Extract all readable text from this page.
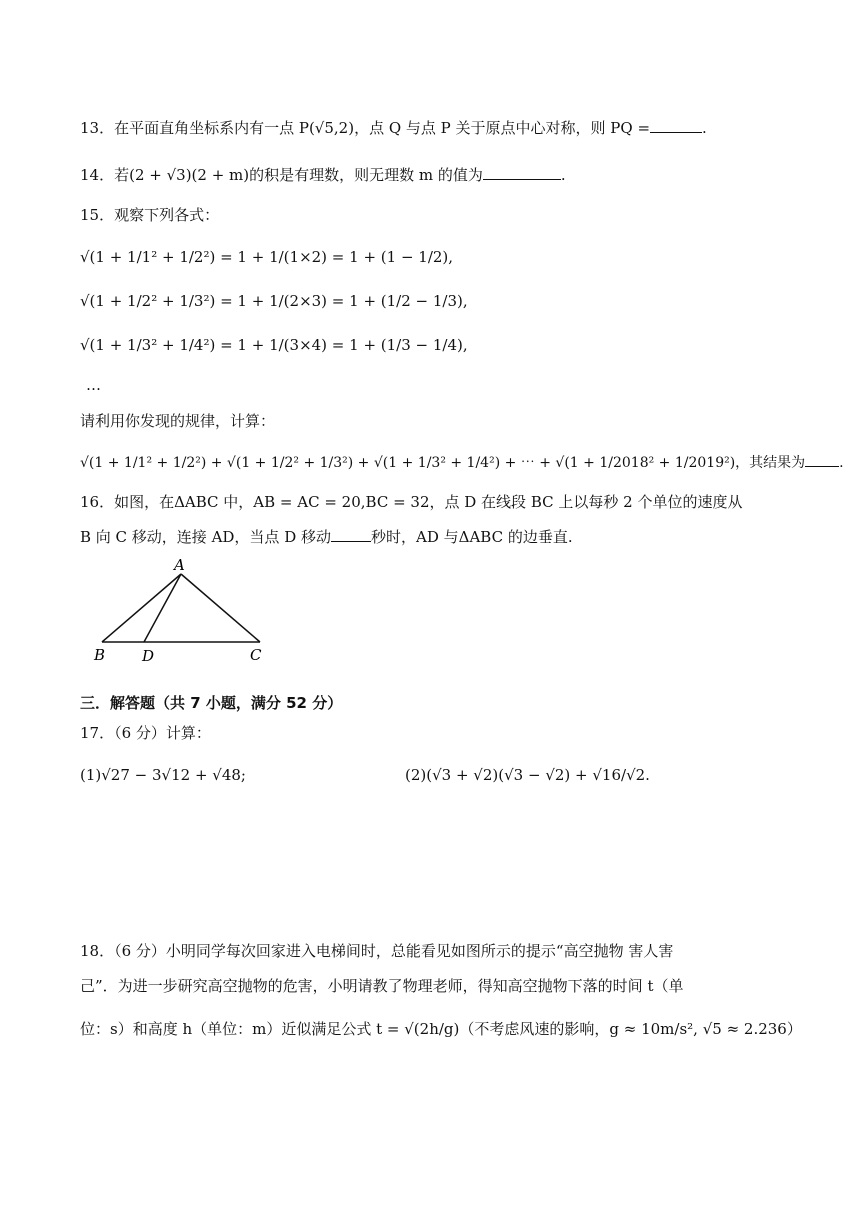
13．在平面直角坐标系内有一点 P(√5,2)，点 Q 与点 P 关于原点中心对称，则 PQ =	.
14．若(2 + √3)(2 + m)的积是有理数，则无理数 m 的值为	.
15．观察下列各式：
√(1 + 1/1² + 1/2²) = 1 + 1/(1×2) = 1 + (1 − 1/2),
√(1 + 1/2² + 1/3²) = 1 + 1/(2×3) = 1 + (1/2 − 1/3),
√(1 + 1/3² + 1/4²) = 1 + 1/(3×4) = 1 + (1/3 − 1/4),
…
请利用你发现的规律，计算：
√(1 + 1/1² + 1/2²) + √(1 + 1/2² + 1/3²) + √(1 + 1/3² + 1/4²) + ⋯ + √(1 + 1/2018² + 1/2019²)，其结果为 .
16．如图，在ΔABC 中，AB = AC = 20,BC = 32，点 D 在线段 BC 上以每秒 2 个单位的速度从
B 向 C 移动，连接 AD，当点 D 移动	秒时，AD 与ΔABC 的边垂直.
A
B D	C
三．解答题（共 7 小题，满分 52 分）
17．（6 分）计算：
(1)√27 − 3√12 + √48;	(2)(√3 + √2)(√3 − √2) + √16/√2.
18．（6 分）小明同学每次回家进入电梯间时，总能看见如图所示的提示“高空抛物 害人害
己”．为进一步研究高空抛物的危害，小明请教了物理老师，得知高空抛物下落的时间 t（单
位：s）和高度 h（单位：m）近似满足公式 t = √(2h/g)（不考虑风速的影响，g ≈ 10m/s², √5 ≈ 2.236）
